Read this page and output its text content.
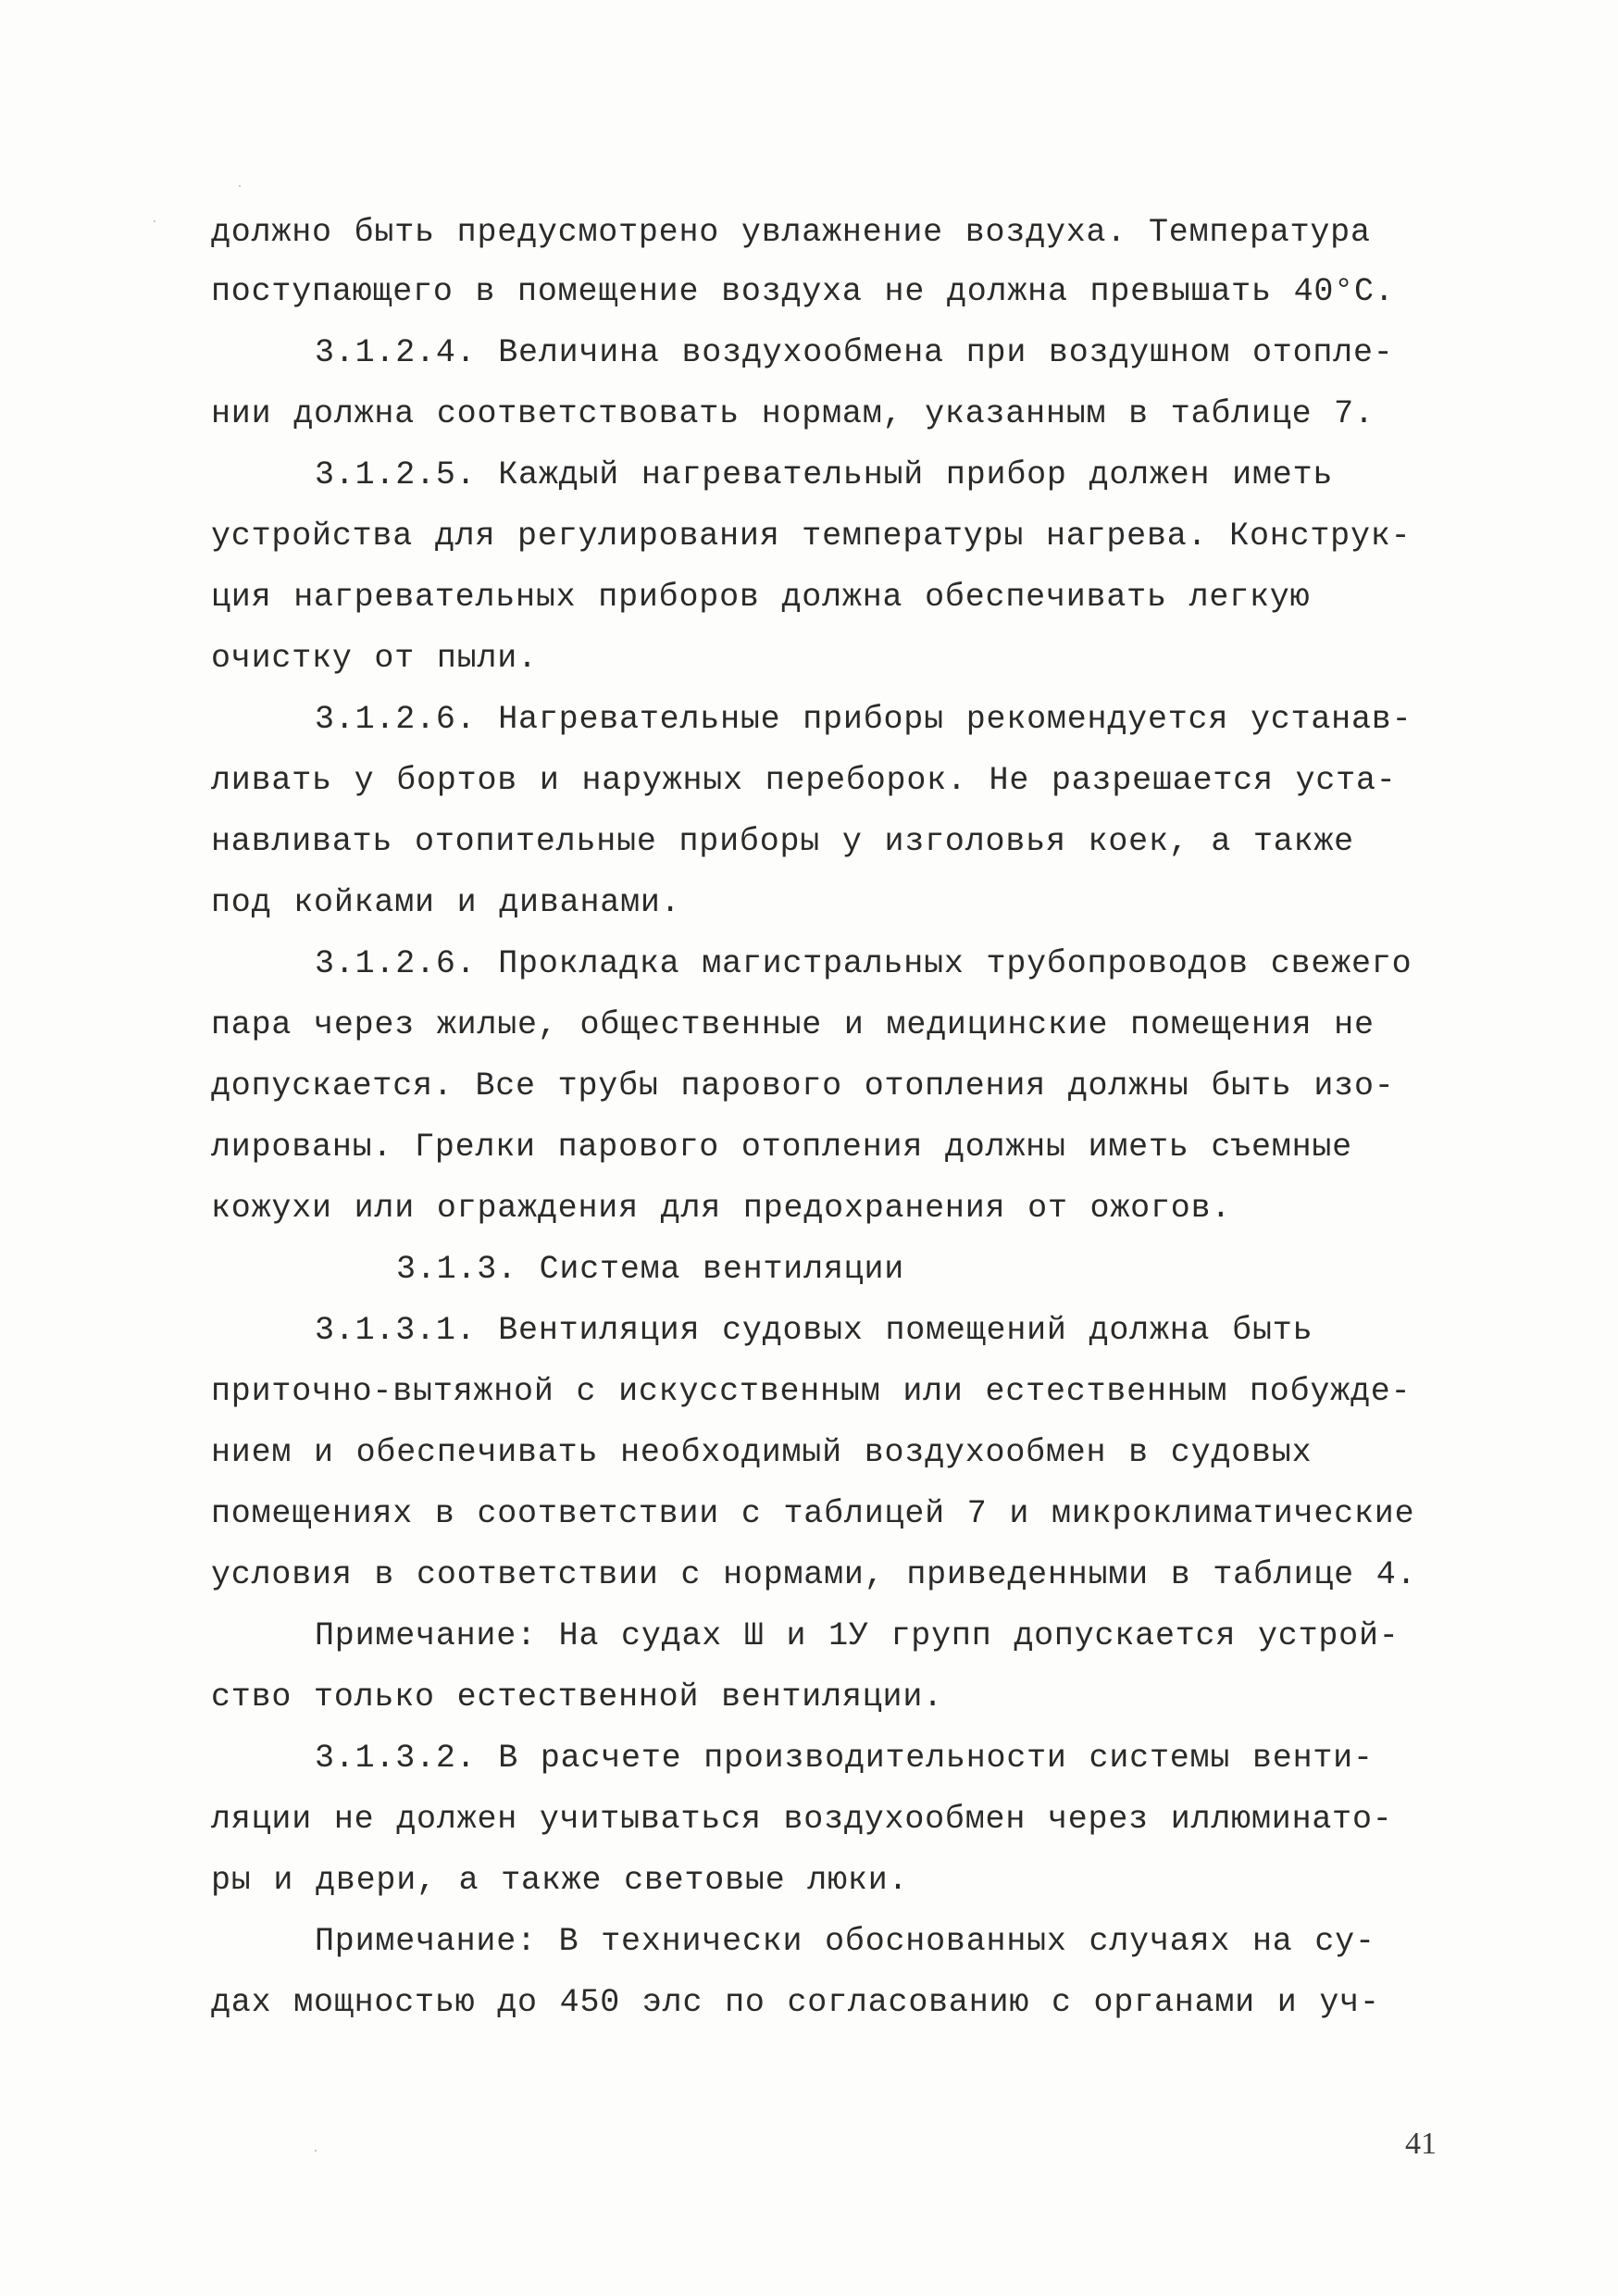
должно быть предусмотрено увлажнение воздуха. Температура

поступающего в помещение воздуха не должна превышать 40°С.

3.1.2.4. Величина воздухообмена при воздушном отопле-

нии должна соответствовать нормам, указанным в таблице 7.

3.1.2.5. Каждый нагревательный прибор должен иметь

устройства для регулирования температуры нагрева. Конструк-

ция нагревательных приборов должна обеспечивать легкую

очистку от пыли.

3.1.2.6. Нагревательные приборы рекомендуется устанав-

ливать у бортов и наружных переборок. Не разрешается уста-

навливать отопительные приборы у изголовья коек, а также

под койками и диванами.

3.1.2.6. Прокладка магистральных трубопроводов свежего

пара через жилые, общественные и медицинские помещения не

допускается. Все трубы парового отопления должны быть изо-

лированы. Грелки парового отопления должны иметь съемные

кожухи или ограждения для предохранения от ожогов.

3.1.3. Система вентиляции

3.1.3.1. Вентиляция судовых помещений должна быть

приточно-вытяжной с искусственным или естественным побужде-

нием и обеспечивать необходимый воздухообмен в судовых

помещениях в соответствии с таблицей 7 и микроклиматические

условия в соответствии с нормами, приведенными в таблице 4.

Примечание: На судах Ш и 1У групп допускается устрой-

ство только естественной вентиляции.

3.1.3.2. В расчете производительности системы венти-

ляции не должен учитываться воздухообмен через иллюминато-

ры и двери, а также световые люки.

Примечание: В технически обоснованных случаях на су-

дах мощностью до 450 элс по согласованию с органами и уч-

41
